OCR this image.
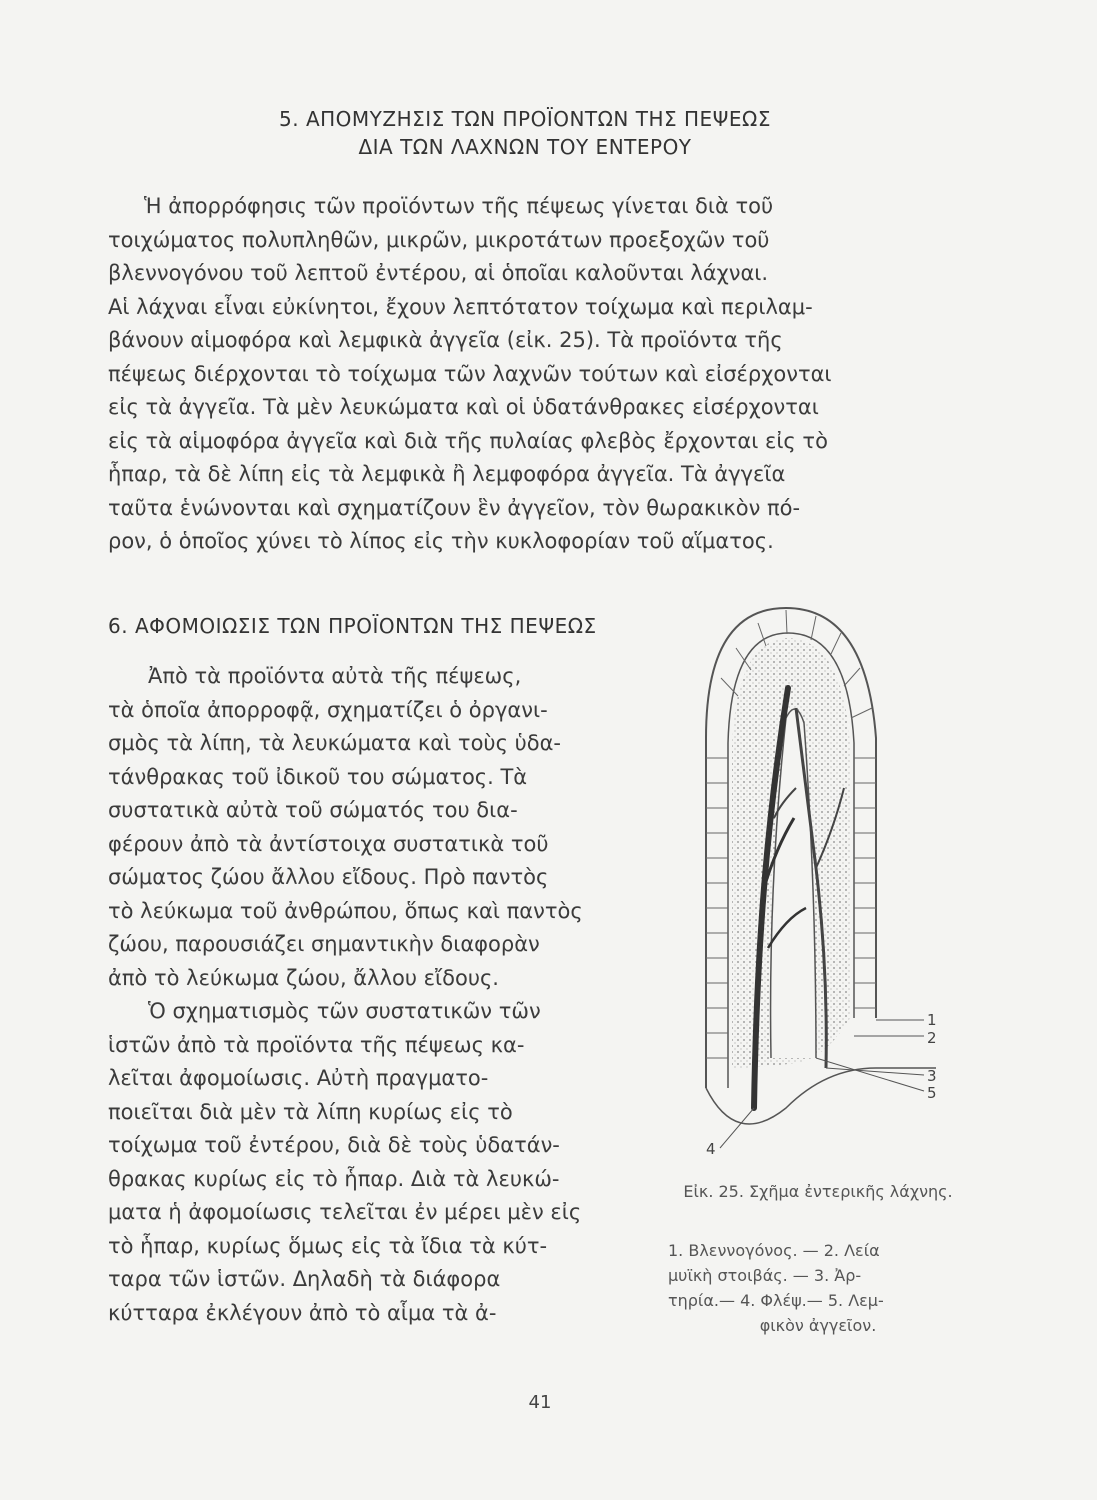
5. ΑΠΟΜΥΖΗΣΙΣ ΤΩΝ ΠΡΟΪΟΝΤΩΝ ΤΗΣ ΠΕΨΕΩΣ
ΔΙΑ ΤΩΝ ΛΑΧΝΩΝ ΤΟΥ ΕΝΤΕΡΟΥ
Ἡ ἀπορρόφησις τῶν προϊόντων τῆς πέψεως γίνεται διὰ τοῦ
τοιχώματος πολυπληθῶν, μικρῶν, μικροτάτων προεξοχῶν τοῦ
βλεννογόνου τοῦ λεπτοῦ ἐντέρου, αἱ ὁποῖαι καλοῦνται λάχναι.
Αἱ λάχναι εἶναι εὐκίνητοι, ἔχουν λεπτότατον τοίχωμα καὶ περιλαμ-
βάνουν αἱμοφόρα καὶ λεμφικὰ ἀγγεῖα (εἰκ. 25). Τὰ προϊόντα τῆς
πέψεως διέρχονται τὸ τοίχωμα τῶν λαχνῶν τούτων καὶ εἰσέρχονται
εἰς τὰ ἀγγεῖα. Τὰ μὲν λευκώματα καὶ οἱ ὑδατάνθρακες εἰσέρχονται
εἰς τὰ αἱμοφόρα ἀγγεῖα καὶ διὰ τῆς πυλαίας φλεβὸς ἔρχονται εἰς τὸ
ἧπαρ, τὰ δὲ λίπη εἰς τὰ λεμφικὰ ἢ λεμφοφόρα ἀγγεῖα. Τὰ ἀγγεῖα
ταῦτα ἑνώνονται καὶ σχηματίζουν ἓν ἀγγεῖον, τὸν θωρακικὸν πό-
ρον, ὁ ὁποῖος χύνει τὸ λίπος εἰς τὴν κυκλοφορίαν τοῦ αἵματος.
6. ΑΦΟΜΟΙΩΣΙΣ ΤΩΝ ΠΡΟΪΟΝΤΩΝ ΤΗΣ ΠΕΨΕΩΣ
Ἀπὸ τὰ προϊόντα αὐτὰ τῆς πέψεως,
τὰ ὁποῖα ἀπορροφᾷ, σχηματίζει ὁ ὀργανι-
σμὸς τὰ λίπη, τὰ λευκώματα καὶ τοὺς ὑδα-
τάνθρακας τοῦ ἰδικοῦ του σώματος. Τὰ
συστατικὰ αὐτὰ τοῦ σώματός του δια-
φέρουν ἀπὸ τὰ ἀντίστοιχα συστατικὰ τοῦ
σώματος ζώου ἄλλου εἴδους. Πρὸ παντὸς
τὸ λεύκωμα τοῦ ἀνθρώπου, ὅπως καὶ παντὸς
ζώου, παρουσιάζει σημαντικὴν διαφορὰν
ἀπὸ τὸ λεύκωμα ζώου, ἄλλου εἴδους.
Ὁ σχηματισμὸς τῶν συστατικῶν τῶν
ἱστῶν ἀπὸ τὰ προϊόντα τῆς πέψεως κα-
λεῖται ἀφομοίωσις. Αὐτὴ πραγματο-
ποιεῖται διὰ μὲν τὰ λίπη κυρίως εἰς τὸ
τοίχωμα τοῦ ἐντέρου, διὰ δὲ τοὺς ὑδατάν-
θρακας κυρίως εἰς τὸ ἧπαρ. Διὰ τὰ λευκώ-
ματα ἡ ἀφομοίωσις τελεῖται ἐν μέρει μὲν εἰς
τὸ ἧπαρ, κυρίως ὅμως εἰς τὰ ἴδια τὰ κύτ-
ταρα τῶν ἱστῶν. Δηλαδὴ τὰ διάφορα
κύτταρα ἐκλέγουν ἀπὸ τὸ αἷμα τὰ ἀ-
1
2
3
5
4
Εἰκ. 25. Σχῆμα ἐντερικῆς λάχνης.
1. Βλεννογόνος. — 2. Λεία
μυϊκὴ στοιβάς. — 3. Ἀρ-
τηρία.— 4. Φλέψ.— 5. Λεμ-
φικὸν ἀγγεῖον.
41
